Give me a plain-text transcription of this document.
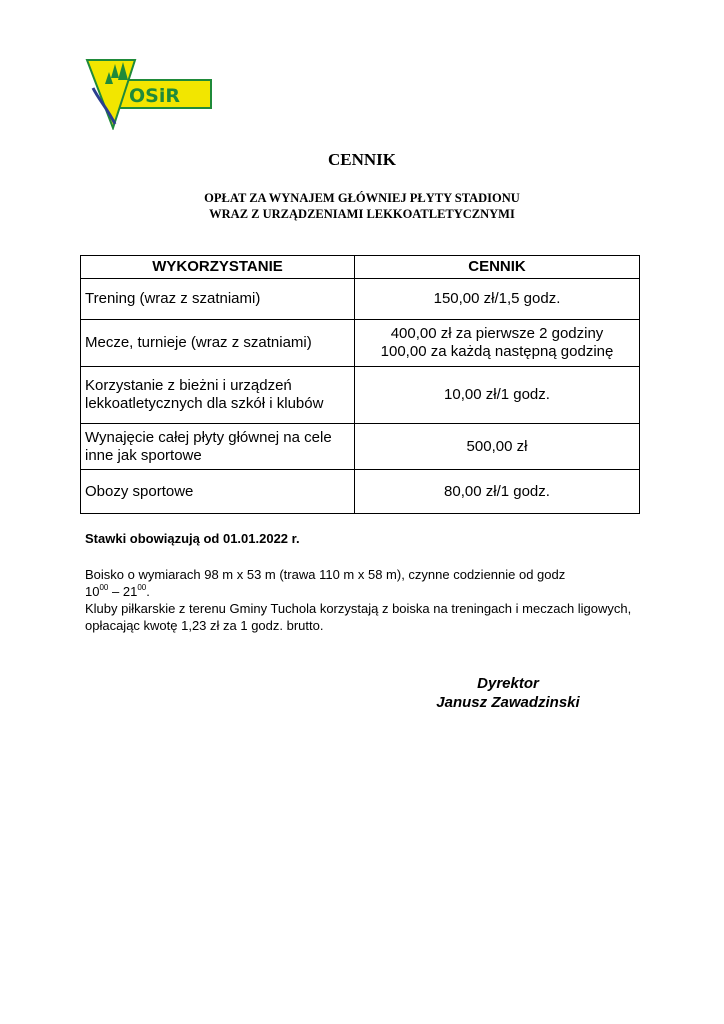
OSiR
CENNIK
OPŁAT ZA WYNAJEM GŁÓWNIEJ PŁYTY STADIONU
WRAZ Z URZĄDZENIAMI LEKKOATLETYCZNYMI
WYKORZYSTANIE	CENNIK
Trening (wraz z szatniami)	150,00 zł/1,5 godz.
Mecze, turnieje (wraz z szatniami)	400,00 zł za pierwsze 2 godziny
100,00 za każdą następną godzinę

Korzystanie z bieżni i urządzeń lekkoatletycznych dla szkół i klubów	10,00 zł/1 godz.
Wynajęcie całej płyty głównej na cele inne jak sportowe	500,00 zł
Obozy sportowe	80,00 zł/1 godz.
Stawki obowiązują od 01.01.2022 r.

Boisko o wymiarach 98 m x 53 m (trawa 110 m x 58 m), czynne codziennie od godz
$10^{00} - 21^{00}$.

Kluby piłkarskie z terenu Gminy Tuchola korzystają z boiska na treningach i meczach ligowych, opłacając kwotę 1,23 zł za 1 godz. brutto.

Dyrektor
Janusz Zawadzinski
